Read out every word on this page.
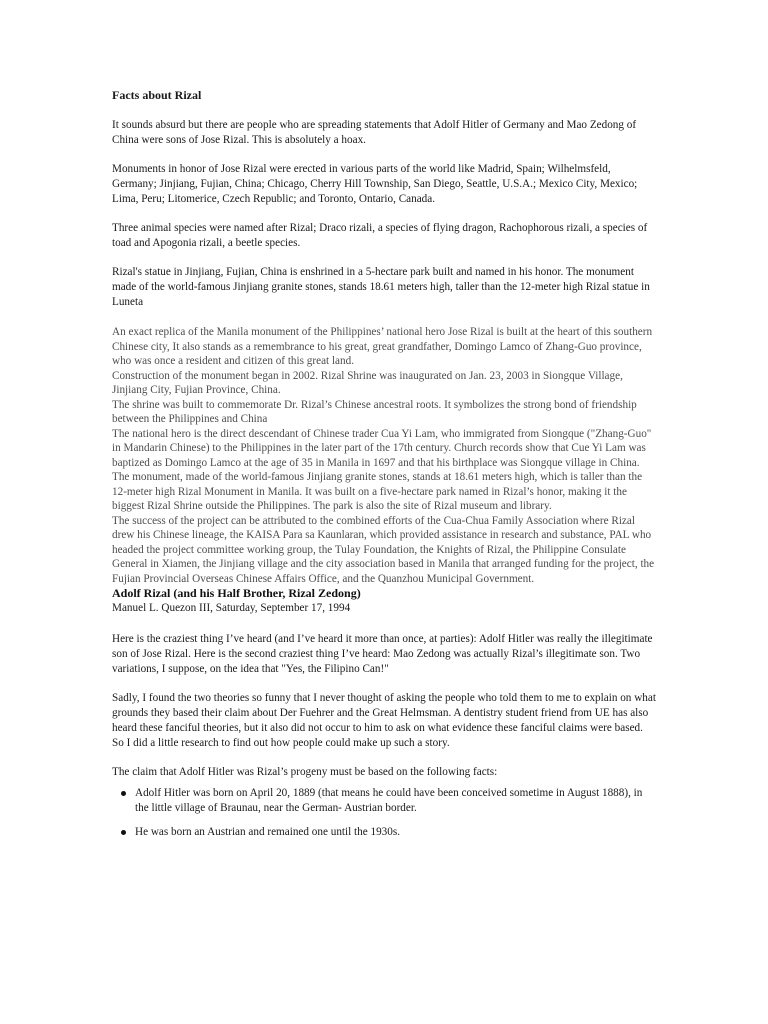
Facts about Rizal

It sounds absurd but there are people who are spreading statements that Adolf Hitler of Germany and Mao Zedong of China were sons of Jose Rizal. This is absolutely a hoax.

Monuments in honor of Jose Rizal were erected in various parts of the world like Madrid, Spain; Wilhelmsfeld, Germany; Jinjiang, Fujian, China; Chicago, Cherry Hill Township, San Diego, Seattle, U.S.A.; Mexico City, Mexico; Lima, Peru; Litomerice, Czech Republic; and Toronto, Ontario, Canada.

Three animal species were named after Rizal; Draco rizali, a species of flying dragon, Rachophorous rizali, a species of toad and Apogonia rizali, a beetle species.

Rizal's statue in Jinjiang, Fujian, China is enshrined in a 5-hectare park built and named in his honor. The monument made of the world-famous Jinjiang granite stones, stands 18.61 meters high, taller than the 12-meter high Rizal statue in Luneta

An exact replica of the Manila monument of the Philippines’ national hero Jose Rizal is built at the heart of this southern Chinese city, It also stands as a remembrance to his great, great grandfather, Domingo Lamco of Zhang-Guo province, who was once a resident and citizen of this great land.
Construction of the monument began in 2002. Rizal Shrine was inaugurated on Jan. 23, 2003 in Siongque Village, Jinjiang City, Fujian Province, China.
The shrine was built to commemorate Dr. Rizal’s Chinese ancestral roots. It symbolizes the strong bond of friendship between the Philippines and China
The national hero is the direct descendant of Chinese trader Cua Yi Lam, who immigrated from Siongque ("Zhang-Guo" in Mandarin Chinese) to the Philippines in the later part of the 17th century. Church records show that Cue Yi Lam was baptized as Domingo Lamco at the age of 35 in Manila in 1697 and that his birthplace was Siongque village in China.
The monument, made of the world-famous Jinjiang granite stones, stands at 18.61 meters high, which is taller than the 12-meter high Rizal Monument in Manila. It was built on a five-hectare park named in Rizal’s honor, making it the biggest Rizal Shrine outside the Philippines. The park is also the site of Rizal museum and library.
The success of the project can be attributed to the combined efforts of the Cua-Chua Family Association where Rizal drew his Chinese lineage, the KAISA Para sa Kaunlaran, which provided assistance in research and substance, PAL who headed the project committee working group, the Tulay Foundation, the Knights of Rizal, the Philippine Consulate General in Xiamen, the Jinjiang village and the city association based in Manila that arranged funding for the project, the Fujian Provincial Overseas Chinese Affairs Office, and the Quanzhou Municipal Government.
Adolf Rizal (and his Half Brother, Rizal Zedong)
Manuel L. Quezon III, Saturday, September 17, 1994

Here is the craziest thing I’ve heard (and I’ve heard it more than once, at parties): Adolf Hitler was really the illegitimate son of Jose Rizal. Here is the second craziest thing I’ve heard: Mao Zedong was actually Rizal’s illegitimate son. Two variations, I suppose, on the idea that "Yes, the Filipino Can!"

Sadly, I found the two theories so funny that I never thought of asking the people who told them to me to explain on what grounds they based their claim about Der Fuehrer and the Great Helmsman. A dentistry student friend from UE has also heard these fanciful theories, but it also did not occur to him to ask on what evidence these fanciful claims were based. So I did a little research to find out how people could make up such a story.

The claim that Adolf Hitler was Rizal’s progeny must be based on the following facts:

Adolf Hitler was born on April 20, 1889 (that means he could have been conceived sometime in August 1888), in the little village of Braunau, near the German- Austrian border.
He was born an Austrian and remained one until the 1930s.
